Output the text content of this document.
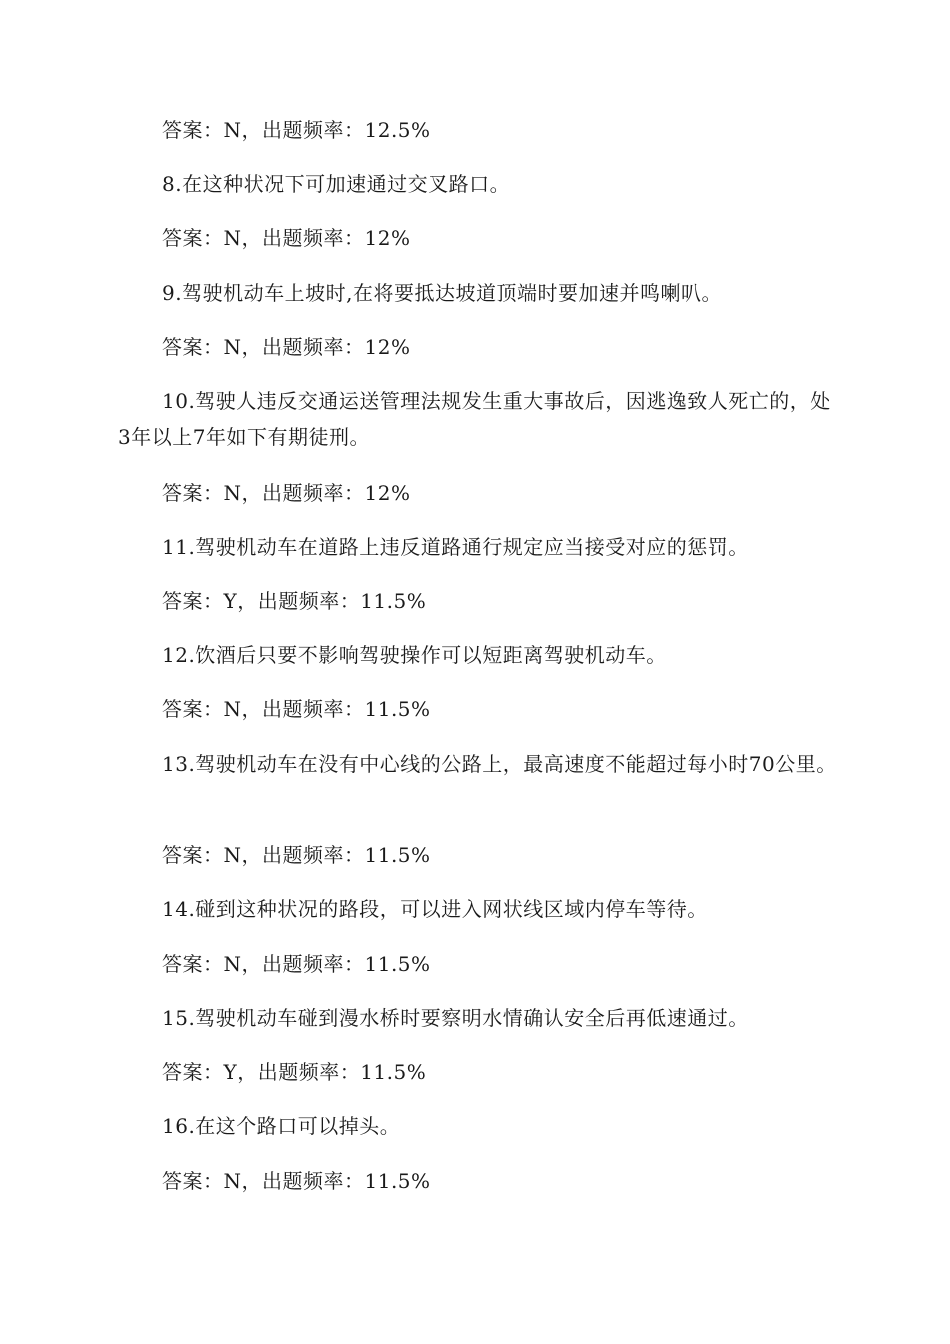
答案：N，出题频率：12.5%
8.在这种状况下可加速通过交叉路口。
答案：N，出题频率：12%
9.驾驶机动车上坡时,在将要抵达坡道顶端时要加速并鸣喇叭。
答案：N，出题频率：12%
10.驾驶人违反交通运送管理法规发生重大事故后，因逃逸致人死亡的，处3年以上7年如下有期徒刑。
答案：N，出题频率：12%
11.驾驶机动车在道路上违反道路通行规定应当接受对应的惩罚。
答案：Y，出题频率：11.5%
12.饮酒后只要不影响驾驶操作可以短距离驾驶机动车。
答案：N，出题频率：11.5%
13.驾驶机动车在没有中心线的公路上，最高速度不能超过每小时70公里。
答案：N，出题频率：11.5%
14.碰到这种状况的路段，可以进入网状线区域内停车等待。
答案：N，出题频率：11.5%
15.驾驶机动车碰到漫水桥时要察明水情确认安全后再低速通过。
答案：Y，出题频率：11.5%
16.在这个路口可以掉头。
答案：N，出题频率：11.5%
